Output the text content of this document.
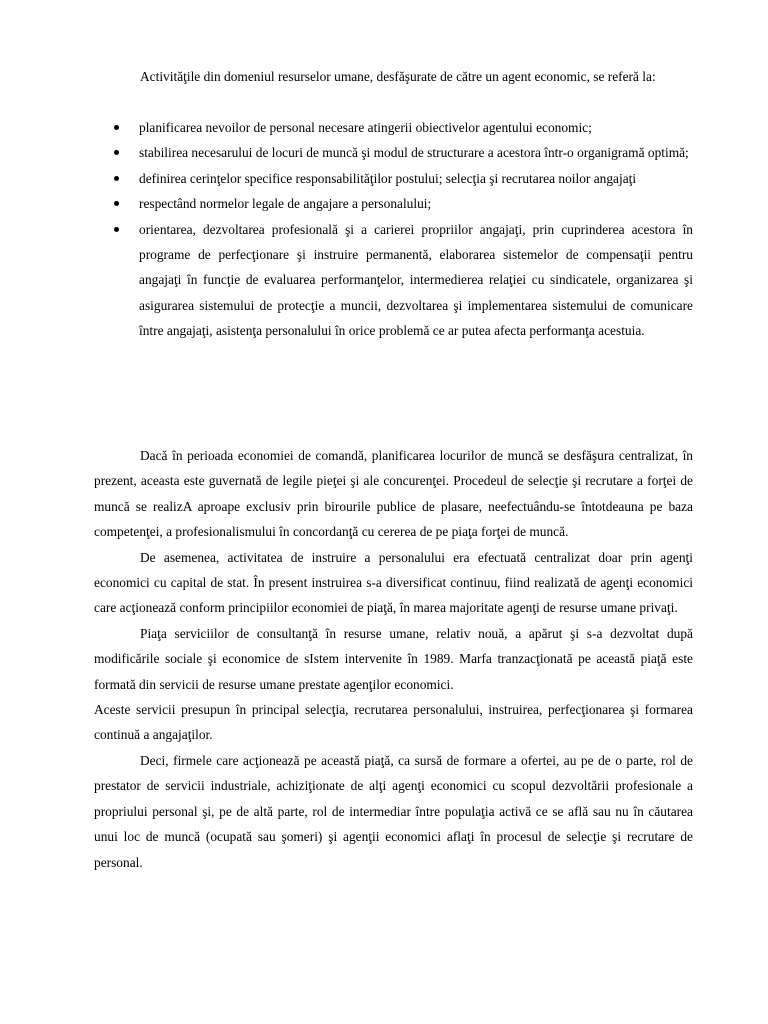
Activităţile din domeniul resurselor umane, desfăşurate de către un agent economic, se referă la:

planificarea nevoilor de personal necesare atingerii obiectivelor agentului economic;
stabilirea necesarului de locuri de muncă şi modul de structurare a acestora într-o organigramă optimă;
definirea cerinţelor specifice responsabilităţilor postului; selecţia şi recrutarea noilor angajaţi
respectând normelor legale de angajare a personalului;
orientarea, dezvoltarea profesională şi a carierei propriilor angajaţi, prin cuprinderea acestora în programe de perfecţionare şi instruire permanentă, elaborarea sistemelor de compensaţii pentru angajaţi în funcţie de evaluarea performanţelor, intermedierea relaţiei cu sindicatele, organizarea şi asigurarea sistemului de protecţie a muncii, dezvoltarea şi implementarea sistemului de comunicare între angajaţi, asistenţa personalului în orice problemă ce ar putea afecta performanţa acestuia.

Dacă în perioada economiei de comandă, planificarea locurilor de muncă se desfăşura centralizat, în prezent, aceasta este guvernată de legile pieţei şi ale concurenţei. Procedeul de selecţie şi recrutare a forţei de muncă se realizA aproape exclusiv prin birourile publice de plasare, neefectuându-se întotdeauna pe baza competenţei, a profesionalismului în concordanţă cu cererea de pe piaţa forţei de muncă.

De asemenea, activitatea de instruire a personalului era efectuată centralizat doar prin agenţi economici cu capital de stat. În present instruirea s-a diversificat continuu, fiind realizată de agenţi economici care acţionează conform principiilor economiei de piaţă, în marea majoritate agenţi de resurse umane privaţi.

Piaţa serviciilor de consultanţă în resurse umane, relativ nouă, a apărut şi s-a dezvoltat după modificările sociale şi economice de sIstem intervenite în 1989. Marfa tranzacţionată pe această piaţă este formată din servicii de resurse umane prestate agenţilor economici.

Aceste servicii presupun în principal selecţia, recrutarea personalului, instruirea, perfecţionarea şi formarea continuă a angajaţilor.

Deci, firmele care acţionează pe această piaţă, ca sursă de formare a ofertei, au pe de o parte, rol de prestator de servicii industriale, achiziţionate de alţi agenţi economici cu scopul dezvoltării profesionale a propriului personal şi, pe de altă parte, rol de intermediar între populaţia activă ce se află sau nu în căutarea unui loc de muncă (ocupată sau şomeri) şi agenţii economici aflaţi în procesul de selecţie şi recrutare de personal.
